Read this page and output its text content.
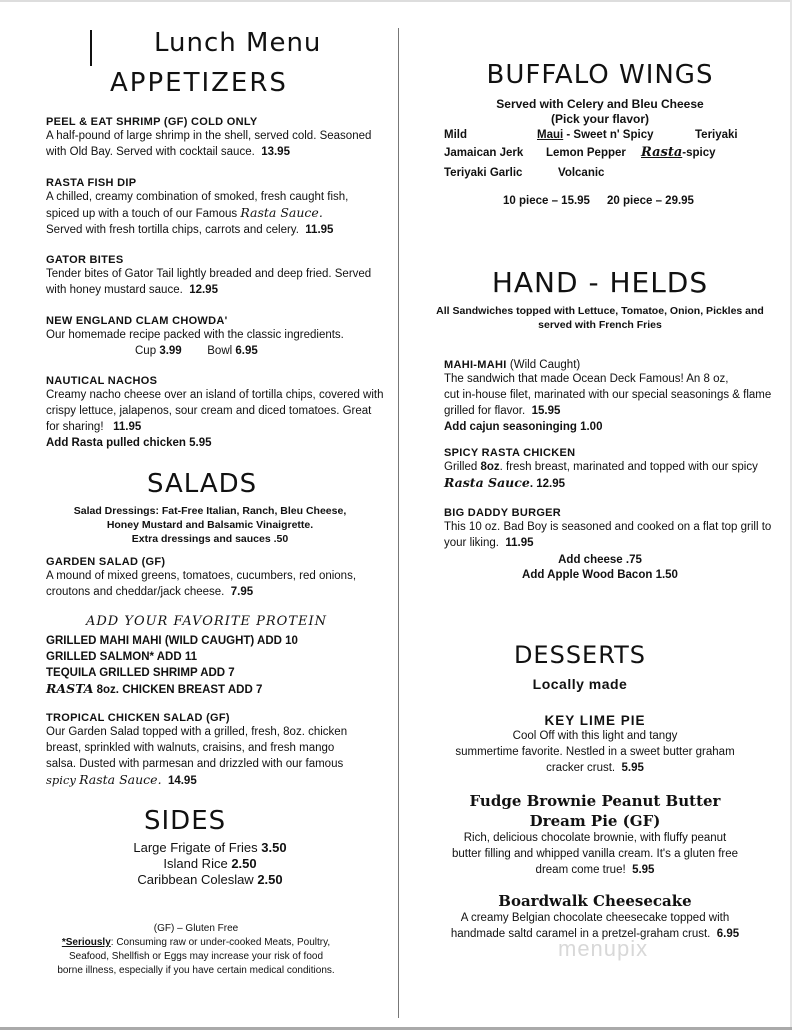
Lunch Menu
APPETIZERS
PEEL & EAT SHRIMP (GF) COLD ONLY
A half-pound of large shrimp in the shell, served cold. Seasoned
with Old Bay. Served with cocktail sauce. 13.95
RASTA FISH DIP
A chilled, creamy combination of smoked, fresh caught fish,
spiced up with a touch of our Famous Rasta Sauce.
Served with fresh tortilla chips, carrots and celery. 11.95
GATOR BITES
Tender bites of Gator Tail lightly breaded and deep fried. Served
with honey mustard sauce. 12.95
NEW ENGLAND CLAM CHOWDA'
Our homemade recipe packed with the classic ingredients.
Cup 3.99 Bowl 6.95
NAUTICAL NACHOS
Creamy nacho cheese over an island of tortilla chips, covered with
crispy lettuce, jalapenos, sour cream and diced tomatoes. Great
for sharing! 11.95
Add Rasta pulled chicken 5.95
SALADS
Salad Dressings: Fat-Free Italian, Ranch, Bleu Cheese,
Honey Mustard and Balsamic Vinaigrette.
Extra dressings and sauces .50
GARDEN SALAD (GF)
A mound of mixed greens, tomatoes, cucumbers, red onions,
croutons and cheddar/jack cheese. 7.95
ADD YOUR FAVORITE PROTEIN
GRILLED MAHI MAHI (WILD CAUGHT) ADD 10
GRILLED SALMON* ADD 11
TEQUILA GRILLED SHRIMP ADD 7
RASTA 8oz. CHICKEN BREAST ADD 7
TROPICAL CHICKEN SALAD (GF)
Our Garden Salad topped with a grilled, fresh, 8oz. chicken
breast, sprinkled with walnuts, craisins, and fresh mango
salsa. Dusted with parmesan and drizzled with our famous
spicy Rasta Sauce. 14.95
SIDES
Large Frigate of Fries 3.50
Island Rice 2.50
Caribbean Coleslaw 2.50
(GF) – Gluten Free
*Seriously: Consuming raw or under-cooked Meats, Poultry,
Seafood, Shellfish or Eggs may increase your risk of food
borne illness, especially if you have certain medical conditions.
BUFFALO WINGS
Served with Celery and Bleu Cheese
(Pick your flavor)
Mild	Maui - Sweet n' Spicy	Teriyaki
Jamaican Jerk Lemon Pepper Rasta-spicy
Teriyaki Garlic	Volcanic
10 piece – 15.95 20 piece – 29.95
HAND - HELDS
All Sandwiches topped with Lettuce, Tomatoe, Onion, Pickles and
served with French Fries
MAHI-MAHI (Wild Caught)
The sandwich that made Ocean Deck Famous! An 8 oz,
cut in-house filet, marinated with our special seasonings & flame
grilled for flavor. 15.95
Add cajun seasoninging 1.00
SPICY RASTA CHICKEN
Grilled 8oz. fresh breast, marinated and topped with our spicy
Rasta Sauce. 12.95
BIG DADDY BURGER
This 10 oz. Bad Boy is seasoned and cooked on a flat top grill to
your liking. 11.95
Add cheese .75
Add Apple Wood Bacon 1.50
DESSERTS
Locally made
KEY LIME PIE
Cool Off with this light and tangy
summertime favorite. Nestled in a sweet butter graham
cracker crust. 5.95
Fudge Brownie Peanut Butter
Dream Pie (GF)
Rich, delicious chocolate brownie, with fluffy peanut
butter filling and whipped vanilla cream. It's a gluten free
dream come true! 5.95
Boardwalk Cheesecake
A creamy Belgian chocolate cheesecake topped with
handmade saltd caramel in a pretzel-graham crust. 6.95
menupix
